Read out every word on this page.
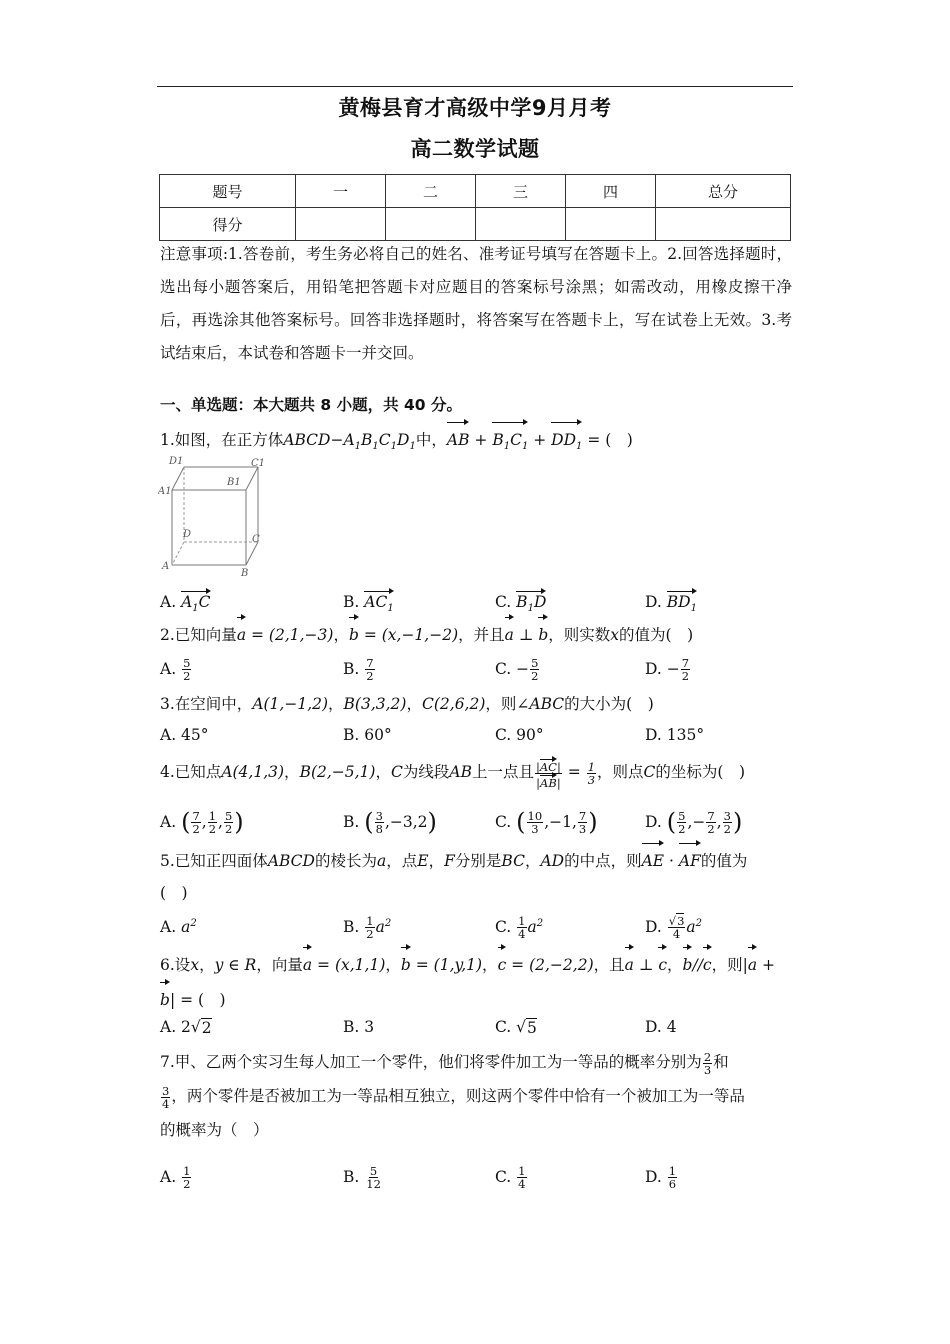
黄梅县育才高级中学9月月考
高二数学试题
题号	一	二	三	四	总分
得分					
注意事项:1.答卷前，考生务必将自己的姓名、准考证号填写在答题卡上。2.回答选择题时，选出每小题答案后，用铅笔把答题卡对应题目的答案标号涂黑；如需改动，用橡皮擦干净后，再选涂其他答案标号。回答非选择题时，将答案写在答题卡上，写在试卷上无效。3.考试结束后，本试卷和答题卡一并交回。
一、单选题：本大题共 8 小题，共 40 分。
1.如图，在正方体$ABCD-A_1B_1C_1D_1$中，AB + $B_1C_1 + DD_1$ = (　)
D1	C1
A1
B1
D	C
A
B
A. $A_1C$	B. $AC_1$	C. $B_1D$	D. $BD_1$
2.已知向量a = (2,1,−3)，b = (x,−1,−2)，并且a ⊥ b，则实数x的值为(　)
A. $\frac{5}{2}$	B. $\frac{7}{2}$	C. − $\frac{5}{2}$	D. − $\frac{7}{2}$
3.在空间中，A(1,−1,2)，B(3,3,2)，C(2,6,2)，则∠ABC的大小为(　)
A. 45°	B. 60°	C. 90°	D. 135°
4.已知点A(4,1,3)，B(2,−5,1)，C为线段AB上一点且 $\frac{|AC|}{|AB|} = \frac{1}{3}$ ，则点C的坐标为(　)
A. ( $\frac{7}{2}$ , $\frac{1}{2}$ , $\frac{5}{2}$ )	B. ( $\frac{3}{8} ,-3,2$ )	C. ( $\frac{10}{3} ,-1$, $\frac{7}{3}$ )	D. ( $\frac{5}{2}$ ,− $\frac{7}{2}$ , $\frac{3}{2}$ )
5.已知正四面体ABCD的棱长为a，点E，F分别是BC，AD的中点，则AE · AF的值为
(　)
A. $a^2$	B. $\frac{1}{2} a^2$	C. $\frac{1}{4} a^2$	D. $\frac{√3}{4} a^2$
6.设x，y ∈ R，向量a = (x,1,1)，b = (1,y,1)，c = (2,−2,2)，且a ⊥ c，b//c，则|a +
b| = (　)
A. 2√ 2	B. 3	C. √ 5	D. 4
7.甲、乙两个实习生每人加工一个零件，他们将零件加工为一等品的概率分别为 $\frac{2}{3}$ 和

$\frac{3}{4}$ ，两个零件是否被加工为一等品相互独立，则这两个零件中恰有一个被加工为一等品
的概率为（　）
A. $\frac{1}{2}$	B. $\frac{5}{12}$	C. $\frac{1}{4}$	D. $\frac{1}{6}$
